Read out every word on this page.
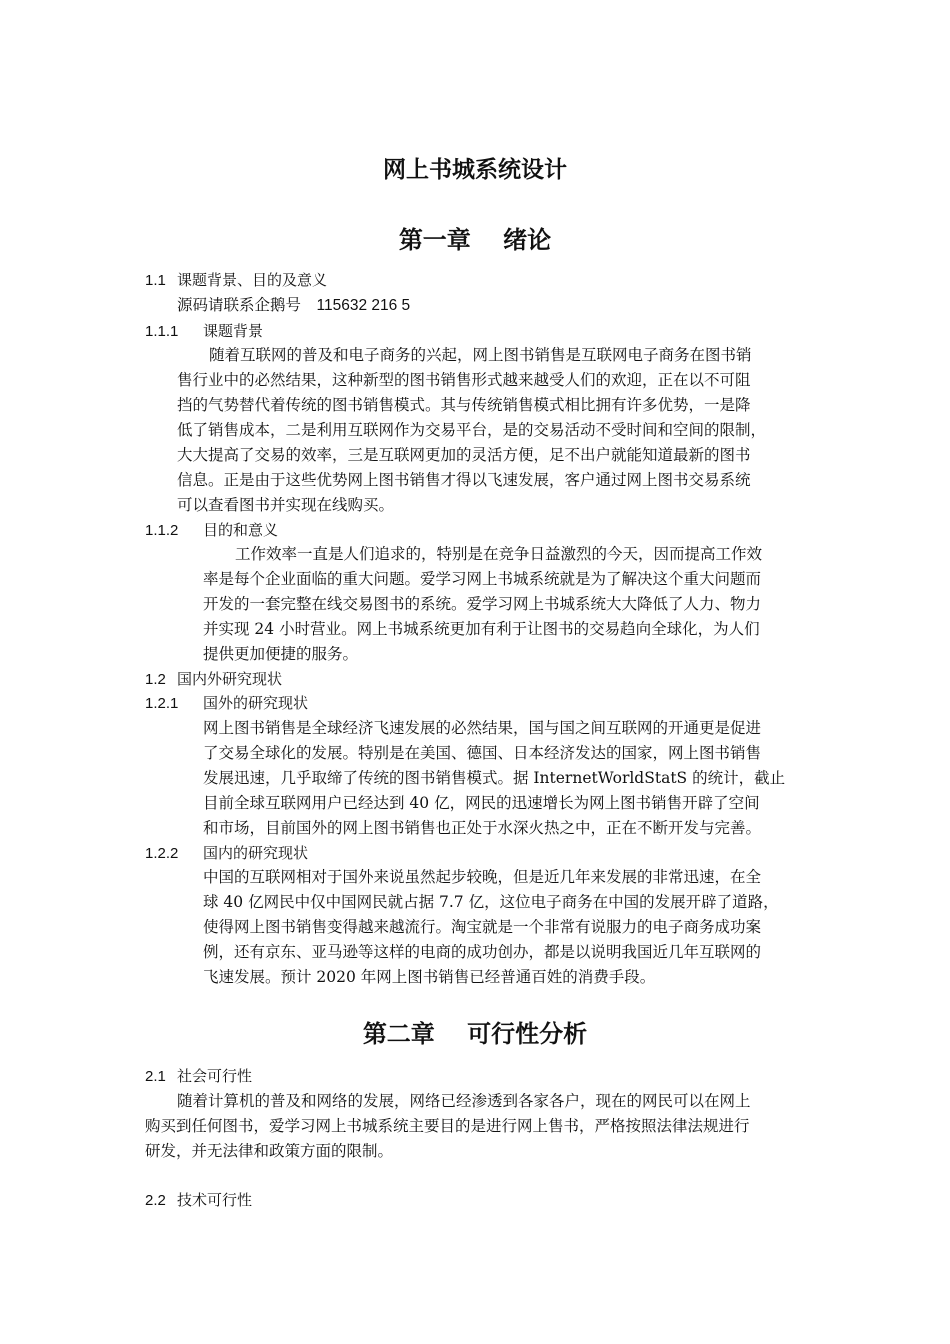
网上书城系统设计
第一章　 绪论
1.1 课题背景、目的及意义
源码请联系企鹅号　115632 216 5
1.1.1 课题背景
随着互联网的普及和电子商务的兴起，网上图书销售是互联网电子商务在图书销
售行业中的必然结果，这种新型的图书销售形式越来越受人们的欢迎，正在以不可阻
挡的气势替代着传统的图书销售模式。其与传统销售模式相比拥有许多优势，一是降
低了销售成本，二是利用互联网作为交易平台，是的交易活动不受时间和空间的限制，
大大提高了交易的效率，三是互联网更加的灵活方便，足不出户就能知道最新的图书
信息。正是由于这些优势网上图书销售才得以飞速发展，客户通过网上图书交易系统
可以查看图书并实现在线购买。
1.1.2 目的和意义
工作效率一直是人们追求的，特别是在竞争日益激烈的今天，因而提高工作效
率是每个企业面临的重大问题。爱学习网上书城系统就是为了解决这个重大问题而
开发的一套完整在线交易图书的系统。爱学习网上书城系统大大降低了人力、物力
并实现 24 小时营业。网上书城系统更加有利于让图书的交易趋向全球化，为人们
提供更加便捷的服务。
1.2 国内外研究现状
1.2.1 国外的研究现状
网上图书销售是全球经济飞速发展的必然结果，国与国之间互联网的开通更是促进
了交易全球化的发展。特别是在美国、德国、日本经济发达的国家，网上图书销售
发展迅速，几乎取缔了传统的图书销售模式。据 InternetWorldStatS 的统计，截止
目前全球互联网用户已经达到 40 亿，网民的迅速增长为网上图书销售开辟了空间
和市场，目前国外的网上图书销售也正处于水深火热之中，正在不断开发与完善。
1.2.2 国内的研究现状
中国的互联网相对于国外来说虽然起步较晚，但是近几年来发展的非常迅速，在全
球 40 亿网民中仅中国网民就占据 7.7 亿，这位电子商务在中国的发展开辟了道路，
使得网上图书销售变得越来越流行。淘宝就是一个非常有说服力的电子商务成功案
例，还有京东、亚马逊等这样的电商的成功创办，都是以说明我国近几年互联网的
飞速发展。预计 2020 年网上图书销售已经普通百姓的消费手段。
第二章　 可行性分析
2.1 社会可行性
随着计算机的普及和网络的发展，网络已经渗透到各家各户，现在的网民可以在网上
购买到任何图书，爱学习网上书城系统主要目的是进行网上售书，严格按照法律法规进行
研发，并无法律和政策方面的限制。
2.2 技术可行性
